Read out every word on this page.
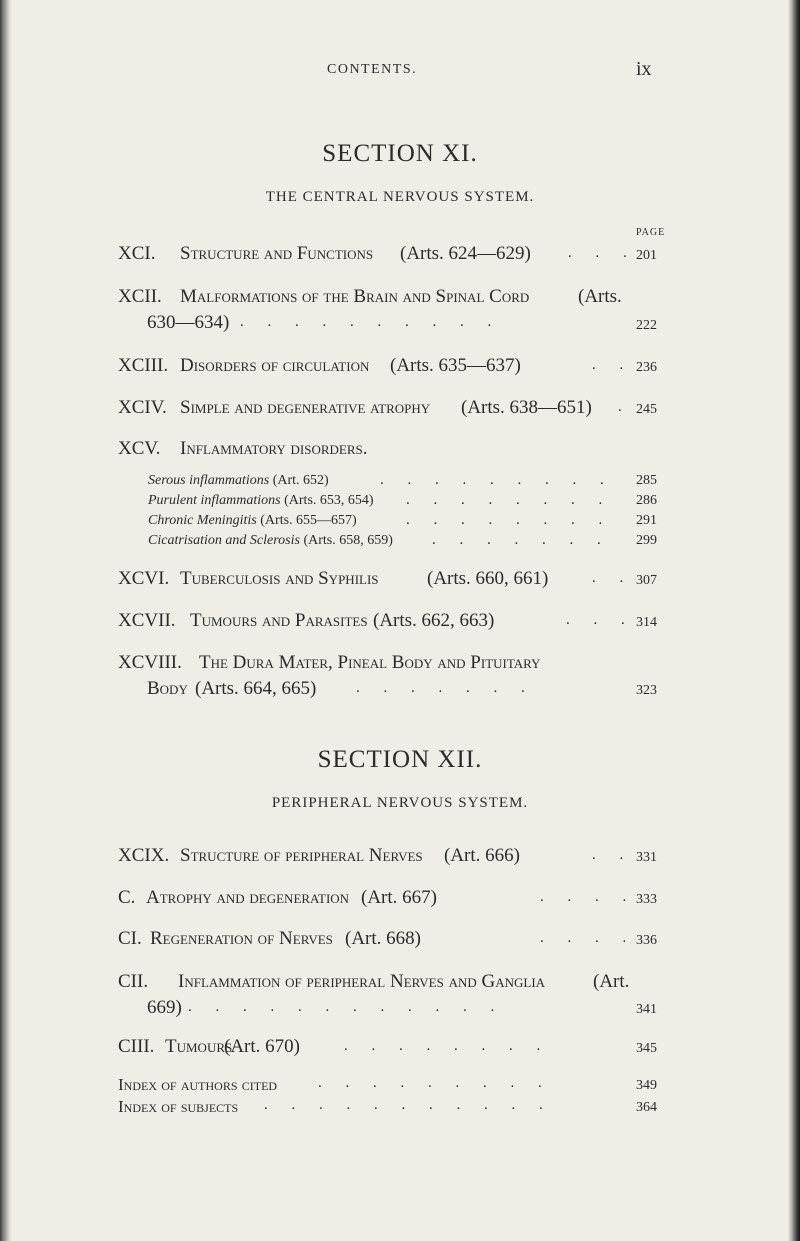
CONTENTS.	ix
SECTION XI.
THE CENTRAL NERVOUS SYSTEM.
PAGE
XCI. Structure and Functions (Arts. 624—629) . . . 201
XCII. Malformations of the Brain and Spinal Cord	(Arts.
630—634) . . . . . . . . . .	222
XCIII. Disorders of circulation (Arts. 635—637)	. . 236
XCIV. Simple and degenerative atrophy (Arts. 638—651) . 245
XCV. Inflammatory disorders.
Serous inflammations (Art. 652)	. . . . . . . . . 285
Purulent inflammations (Arts. 653, 654) . . . . . . . . 286
Chronic Meningitis (Arts. 655—657)	. . . . . . . . 291
Cicatrisation and Sclerosis (Arts. 658, 659)	. . . . . . . 299
XCVI. Tuberculosis and Syphilis	(Arts. 660, 661)	. . 307
XCVII. Tumours and Parasites (Arts. 662, 663)	. . . 314
XCVIII. The Dura Mater, Pineal Body and Pituitary
Body (Arts. 664, 665)	. . . . . . .	323
SECTION XII.
PERIPHERAL NERVOUS SYSTEM.
XCIX. Structure of peripheral Nerves (Art. 666)	. . 331
C. Atrophy and degeneration (Art. 667)	. . . . 333
CI. Regeneration of Nerves (Art. 668)	. . . . 336
CII. Inflammation of peripheral Nerves and Ganglia	(Art.
669) . . . . . . . . . . . .	341
CIII. Tumours
(Art. 670)	. . . . . . . .	345
Index of authors cited	. . . . . . . . .	349
Index of subjects . . . . . . . . . . .	364
